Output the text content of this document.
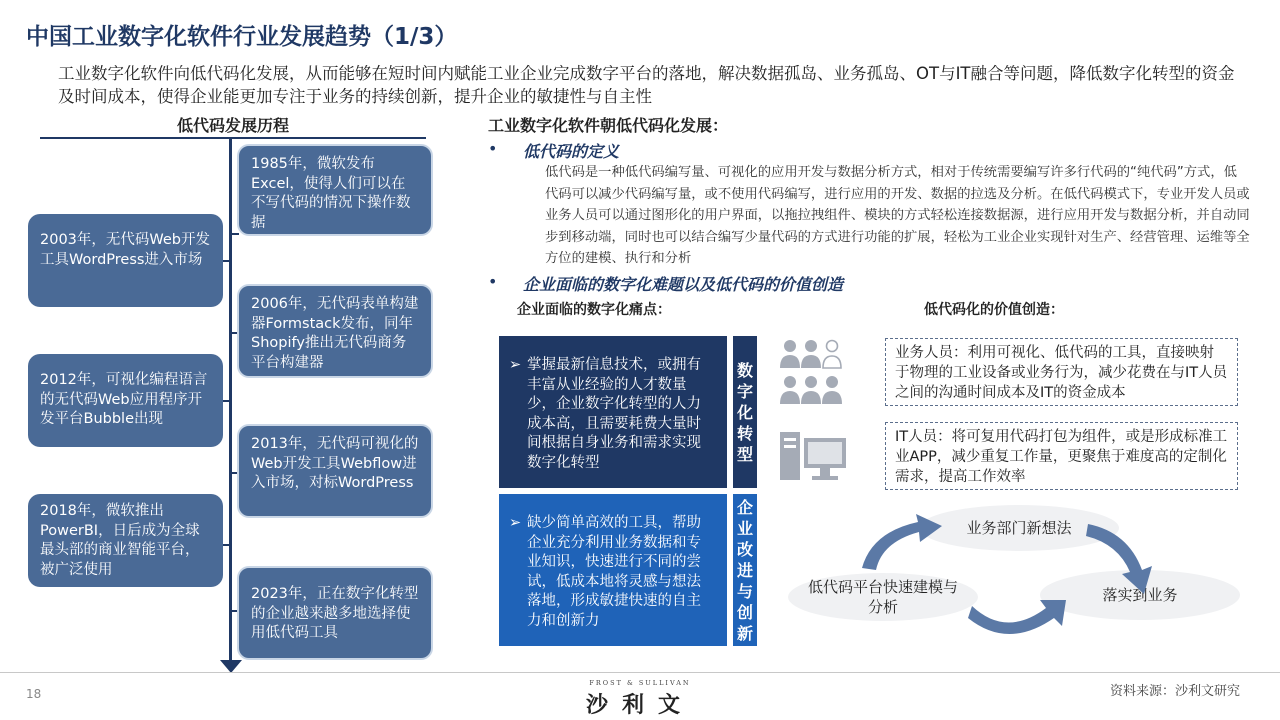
中国工业数字化软件行业发展趋势（1/3）
工业数字化软件向低代码化发展，从而能够在短时间内赋能工业企业完成数字平台的落地，解决数据孤岛、业务孤岛、OT与IT融合等问题，降低数字化转型的资金及时间成本，使得企业能更加专注于业务的持续创新，提升企业的敏捷性与自主性
低代码发展历程
1985年，微软发布Excel，使得人们可以在不写代码的情况下操作数据
2003年，无代码Web开发工具WordPress进入市场
2006年，无代码表单构建器Formstack发布，同年Shopify推出无代码商务平台构建器
2012年，可视化编程语言的无代码Web应用程序开发平台Bubble出现
2013年，无代码可视化的Web开发工具Webflow进入市场，对标WordPress
2018年，微软推出PowerBI，日后成为全球最头部的商业智能平台，被广泛使用
2023年，正在数字化转型的企业越来越多地选择使用低代码工具
工业数字化软件朝低代码化发展：
• 低代码的定义
低代码是一种低代码编写量、可视化的应用开发与数据分析方式，相对于传统需要编写许多行代码的“纯代码”方式，低代码可以减少代码编写量，或不使用代码编写，进行应用的开发、数据的拉选及分析。在低代码模式下，专业开发人员或业务人员可以通过图形化的用户界面，以拖拉拽组件、模块的方式轻松连接数据源，进行应用开发与数据分析，并自动同步到移动端，同时也可以结合编写少量代码的方式进行功能的扩展，轻松为工业企业实现针对生产、经营管理、运维等全方位的建模、执行和分析
• 企业面临的数字化难题以及低代码的价值创造
企业面临的数字化痛点：	低代码化的价值创造：
➢ 掌握最新信息技术，或拥有丰富从业经验的人才数量少，企业数字化转型的人力成本高，且需要耗费大量时间根据自身业务和需求实现数字化转型
数字化转型
➢ 缺少简单高效的工具，帮助企业充分利用业务数据和专业知识，快速进行不同的尝试，低成本地将灵感与想法落地，形成敏捷快速的自主力和创新力
企业改进与创新
业务人员：利用可视化、低代码的工具，直接映射于物理的工业设备或业务行为，减少花费在与IT人员之间的沟通时间成本及IT的资金成本
IT人员：将可复用代码打包为组件，或是形成标准工业APP，减少重复工作量，更聚焦于难度高的定制化需求，提高工作效率
业务部门新想法
落实到业务
低代码平台快速建模与分析
18
FROST & SULLIVAN
沙利文
资料来源：沙利文研究
